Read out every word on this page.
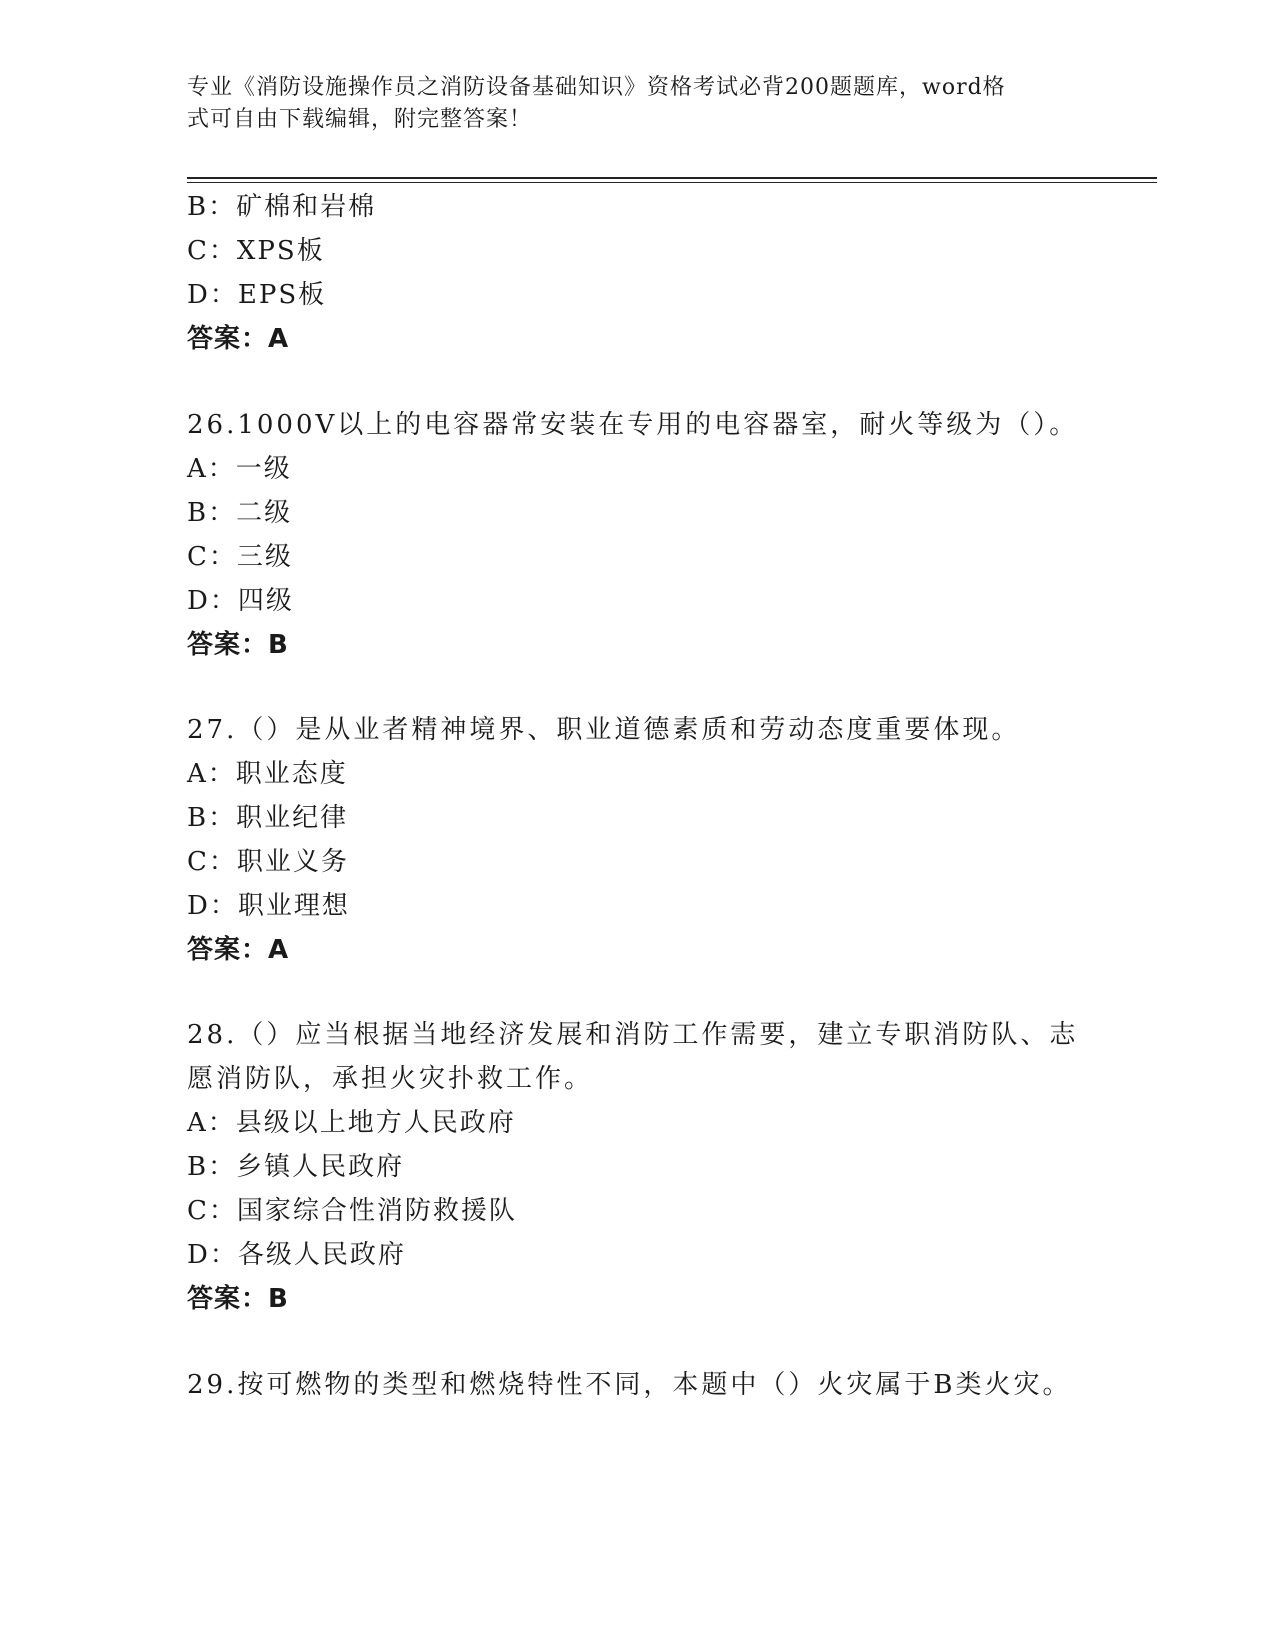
专业《消防设施操作员之消防设备基础知识》资格考试必背200题题库，word格
式可自由下载编辑，附完整答案！
B：矿棉和岩棉
C：XPS板
D：EPS板
答案：A
26.1000V以上的电容器常安装在专用的电容器室，耐火等级为（）。
A：一级
B：二级
C：三级
D：四级
答案：B
27.（）是从业者精神境界、职业道德素质和劳动态度重要体现。
A：职业态度
B：职业纪律
C：职业义务
D：职业理想
答案：A
28.（）应当根据当地经济发展和消防工作需要，建立专职消防队、志
愿消防队，承担火灾扑救工作。
A：县级以上地方人民政府
B：乡镇人民政府
C：国家综合性消防救援队
D：各级人民政府
答案：B
29.按可燃物的类型和燃烧特性不同，本题中（）火灾属于B类火灾。
